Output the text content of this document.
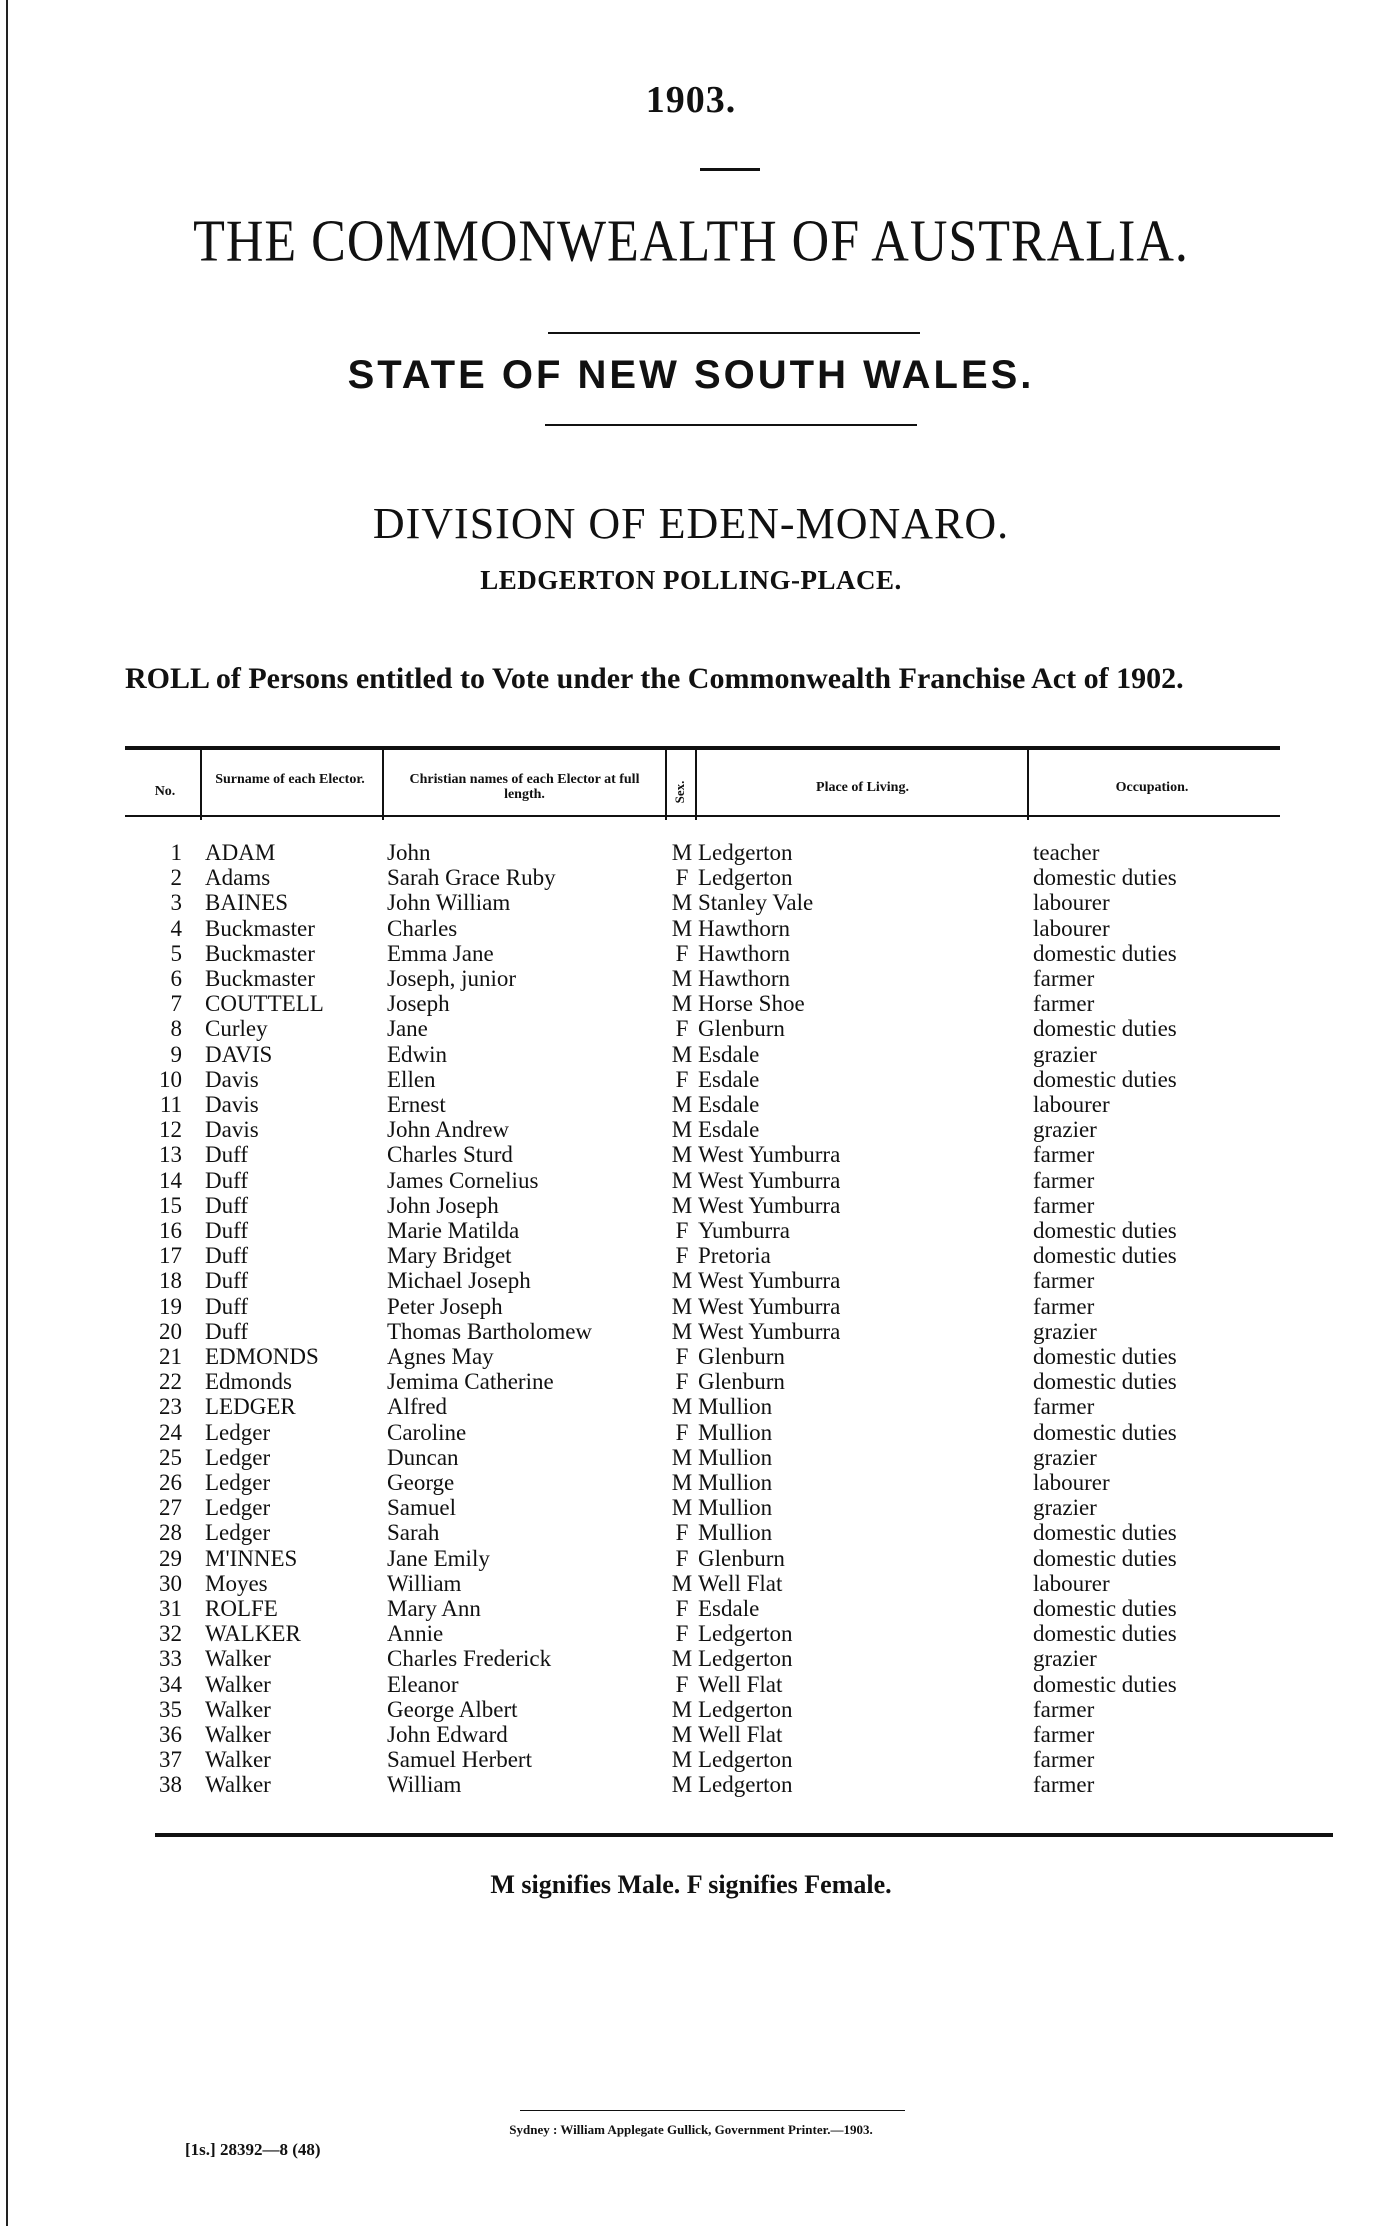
1903.
THE COMMONWEALTH OF AUSTRALIA.
STATE OF NEW SOUTH WALES.
DIVISION OF EDEN-MONARO.
LEDGERTON POLLING-PLACE.
ROLL of Persons entitled to Vote under the Commonwealth Franchise Act of 1902.
No.
Surname of each Elector.	Christian names of each Elector at full length.	Sex.	Place of Living.	Occupation.
1 ADAM	John	M Ledgerton	teacher
2 Adams	Sarah Grace Ruby	F Ledgerton	domestic duties
3 BAINES	John William	M Stanley Vale	labourer
4 Buckmaster	Charles	M Hawthorn	labourer
5 Buckmaster	Emma Jane	F Hawthorn	domestic duties
6 Buckmaster	Joseph, junior	M Hawthorn	farmer
7 COUTTELL	Joseph	M Horse Shoe	farmer
8 Curley	Jane	F Glenburn	domestic duties
9 DAVIS	Edwin	M Esdale	grazier
10 Davis	Ellen	F Esdale	domestic duties
11 Davis	Ernest	M Esdale	labourer
12 Davis	John Andrew	M Esdale	grazier
13 Duff	Charles Sturd	M West Yumburra	farmer
14 Duff	James Cornelius	M West Yumburra	farmer
15 Duff	John Joseph	M West Yumburra	farmer
16 Duff	Marie Matilda	F Yumburra	domestic duties
17 Duff	Mary Bridget	F Pretoria	domestic duties
18 Duff	Michael Joseph	M West Yumburra	farmer
19 Duff	Peter Joseph	M West Yumburra	farmer
20 Duff	Thomas Bartholomew	M West Yumburra	grazier
21 EDMONDS	Agnes May	F Glenburn	domestic duties
22 Edmonds	Jemima Catherine	F Glenburn	domestic duties
23 LEDGER	Alfred	M Mullion	farmer
24 Ledger	Caroline	F Mullion	domestic duties
25 Ledger	Duncan	M Mullion	grazier
26 Ledger	George	M Mullion	labourer
27 Ledger	Samuel	M Mullion	grazier
28 Ledger	Sarah	F Mullion	domestic duties
29 M'INNES	Jane Emily	F Glenburn	domestic duties
30 Moyes	William	M Well Flat	labourer
31 ROLFE	Mary Ann	F Esdale	domestic duties
32 WALKER	Annie	F Ledgerton	domestic duties
33 Walker	Charles Frederick	M Ledgerton	grazier
34 Walker	Eleanor	F Well Flat	domestic duties
35 Walker	George Albert	M Ledgerton	farmer
36 Walker	John Edward	M Well Flat	farmer
37 Walker	Samuel Herbert	M Ledgerton	farmer
38 Walker	William	M Ledgerton	farmer
M signifies Male. F signifies Female.
Sydney : William Applegate Gullick, Government Printer.—1903.
[1s.] 28392—8 (48)
